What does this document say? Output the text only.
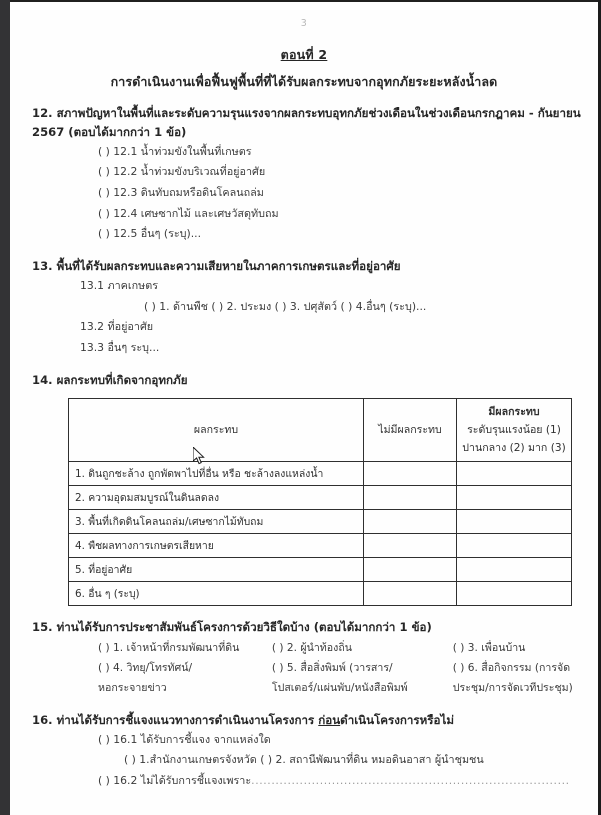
3
ตอนที่ 2
การดำเนินงานเพื่อฟื้นฟูพื้นที่ที่ได้รับผลกระทบจากอุทกภัยระยะหลังน้ำลด
12. สภาพปัญหาในพื้นที่และระดับความรุนแรงจากผลกระทบอุทกภัยช่วงเดือนในช่วงเดือนกรกฎาคม - กันยายน
2567 (ตอบได้มากกว่า 1 ข้อ)
( ) 12.1 น้ำท่วมขังในพื้นที่เกษตร
( ) 12.2 น้ำท่วมขังบริเวณที่อยู่อาศัย
( ) 12.3 ดินทับถมหรือดินโคลนถล่ม
( ) 12.4 เศษซากไม้ และเศษวัสดุทับถม
( ) 12.5 อื่นๆ (ระบุ)...
13. พื้นที่ได้รับผลกระทบและความเสียหายในภาคการเกษตรและที่อยู่อาศัย
13.1 ภาคเกษตร
( ) 1. ด้านพืช ( ) 2. ประมง ( ) 3. ปศุสัตว์ ( ) 4.อื่นๆ (ระบุ)...
13.2 ที่อยู่อาศัย
13.3 อื่นๆ ระบุ...
14. ผลกระทบที่เกิดจากอุทกภัย
ผลกระทบ	ไม่มีผลกระทบ	มีผลกระทบ
ระดับรุนแรงน้อย (1)
ปานกลาง (2) มาก (3)
1. ดินถูกชะล้าง ถูกพัดพาไปที่อื่น หรือ ชะล้างลงแหล่งน้ำ		
2. ความอุดมสมบูรณ์ในดินลดลง		
3. พื้นที่เกิดดินโคลนถล่ม/เศษซากไม้ทับถม		
4. พืชผลทางการเกษตรเสียหาย		
5. ที่อยู่อาศัย		
6. อื่น ๆ (ระบุ)		
15. ท่านได้รับการประชาสัมพันธ์โครงการด้วยวิธีใดบ้าง (ตอบได้มากกว่า 1 ข้อ)
( ) 1. เจ้าหน้าที่กรมพัฒนาที่ดิน	( ) 2. ผู้นำท้องถิ่น	( ) 3. เพื่อนบ้าน
( ) 4. วิทยุ/โทรทัศน์/	( ) 5. สื่อสิ่งพิมพ์ (วารสาร/	( ) 6. สื่อกิจกรรม (การจัด
หอกระจายข่าว	โปสเตอร์/แผ่นพับ/หนังสือพิมพ์	ประชุม/การจัดเวทีประชุม)
16. ท่านได้รับการชี้แจงแนวทางการดำเนินงานโครงการ ก่อนดำเนินโครงการหรือไม่
( ) 16.1 ได้รับการชี้แจง จากแหล่งใด
( ) 1.สำนักงานเกษตรจังหวัด ( ) 2. สถานีพัฒนาที่ดิน หมอดินอาสา ผู้นำชุมชน
( ) 16.2 ไม่ได้รับการชี้แจงเพราะ...............................................................................
